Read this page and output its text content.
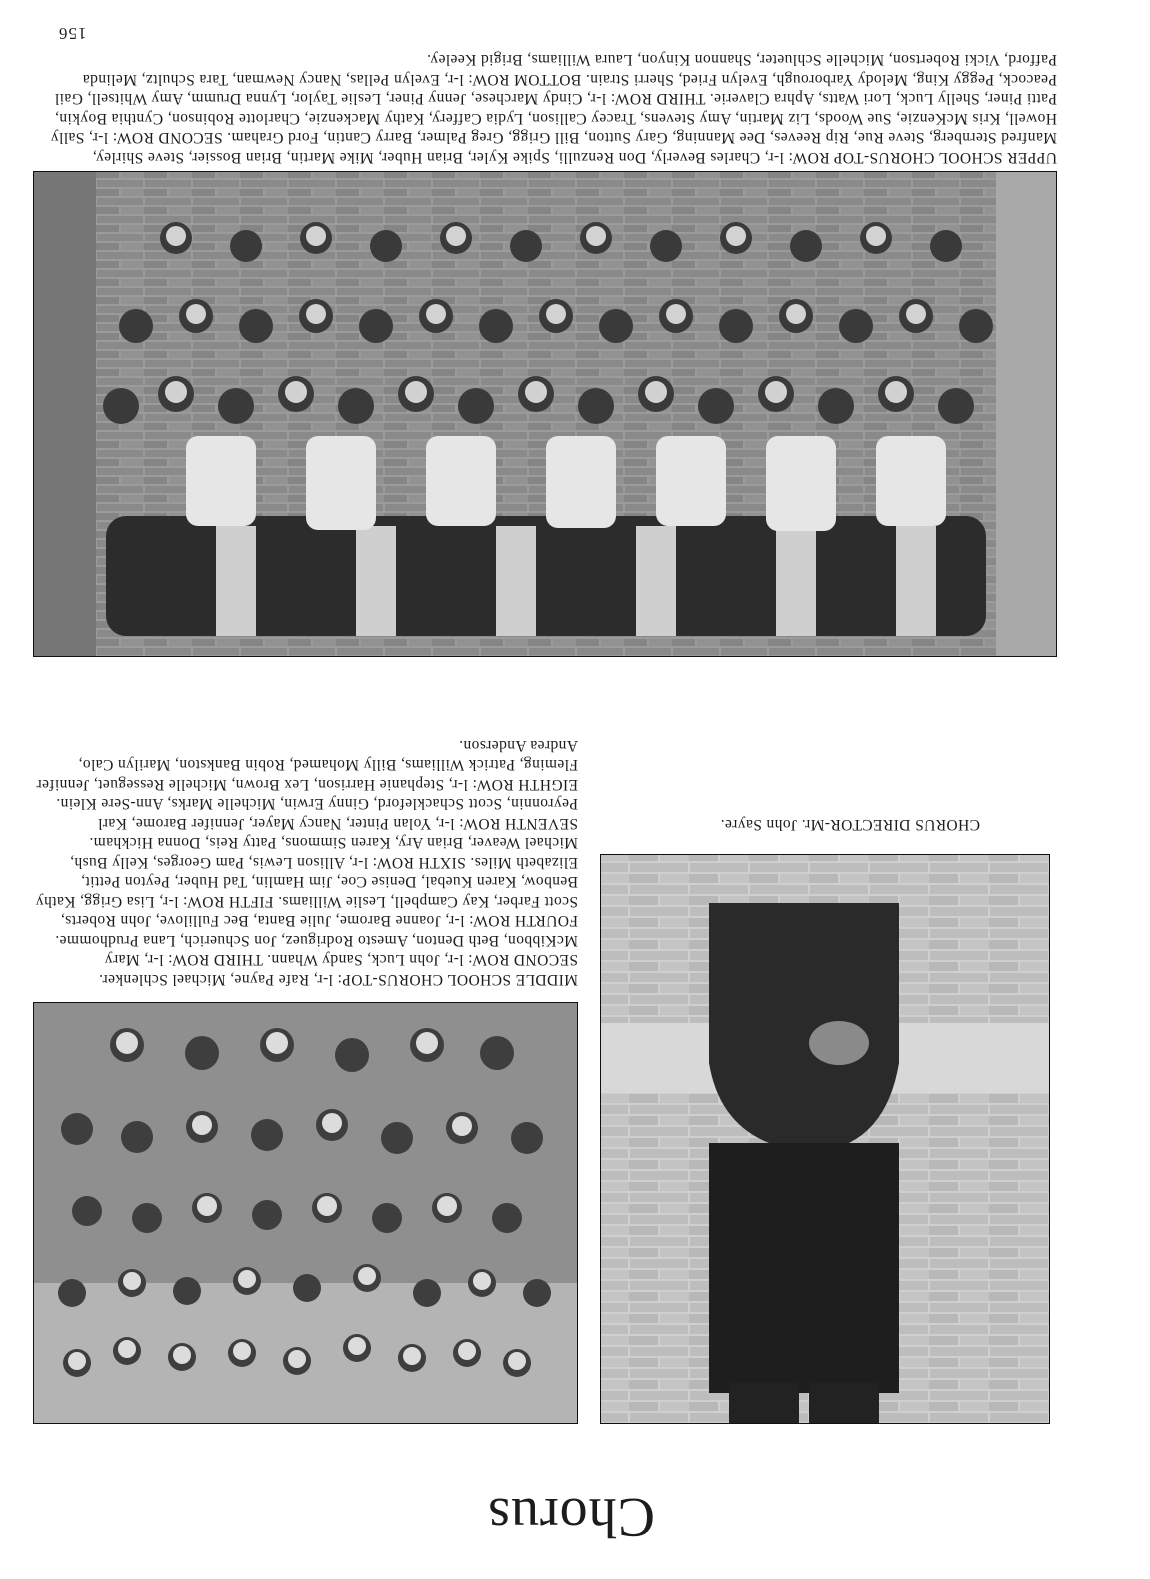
Chorus

CHORUS DIRECTOR-Mr. John Sayre.

MIDDLE SCHOOL CHORUS-TOP: l-r, Rafe Payne, Michael Schlenker. SECOND ROW: l-r, John Luck, Sandy Whann. THIRD ROW: l-r, Mary McKibbon, Beth Denton, Amesto Rodriguez, Jon Schuerich, Lana Prudhomme. FOURTH ROW: l-r, Joanne Barome, Julie Banta, Bec Fullilove, John Roberts, Scott Farber, Kay Campbell, Leslie Williams. FIFTH ROW: l-r, Lisa Grigg, Kathy Benbow, Karen Kuebal, Denise Coe, Jim Hamlin, Tad Huber, Peyton Pettit, Elizabeth Miles. SIXTH ROW: l-r, Allison Lewis, Pam Georges, Kelly Bush, Michael Weaver, Brian Ary, Karen Simmons, Patty Reis, Donna Hickham. SEVENTH ROW: l-r, Yolan Pinter, Nancy Mayer, Jennifer Barome, Karl Peyronnin, Scott Schackleford, Ginny Erwin, Michelle Marks, Ann-Sere Klein. EIGHTH ROW: l-r, Stephanie Harrison, Lex Brown, Michelle Resseguet, Jennifer Fleming, Patrick Williams, Billy Mohamed, Robin Bankston, Marilyn Calo, Andrea Anderson.

UPPER SCHOOL CHORUS-TOP ROW: l-r, Charles Beverly, Don Renzulli, Spike Kyler, Brian Huber, Mike Martin, Brian Bossier, Steve Shirley, Manfred Sternberg, Steve Rue, Rip Reeves, Dee Manning, Gary Sutton, Bill Grigg, Greg Palmer, Barry Cantin, Ford Graham. SECOND ROW: l-r, Sally Howell, Kris McKenzie, Sue Woods, Liz Martin, Amy Stevens, Tracey Callison, Lydia Caffery, Kathy Mackenzie, Charlotte Robinson, Cynthia Boykin, Patti Piner, Shelly Luck, Lori Watts, Aphra Claverie. THIRD ROW: l-r, Cindy Marchese, Jenny Piner, Leslie Taylor, Lynna Drumm, Amy Whitsell, Gail Peacock, Peggy King, Melody Yarborough, Evelyn Fried, Sherri Strain. BOTTOM ROW: l-r, Evelyn Pellas, Nancy Newman, Tara Schultz, Melinda Pafford, Vicki Robertson, Michelle Schlueter, Shannon Kinyon, Laura Williams, Brigid Keeley.

156
